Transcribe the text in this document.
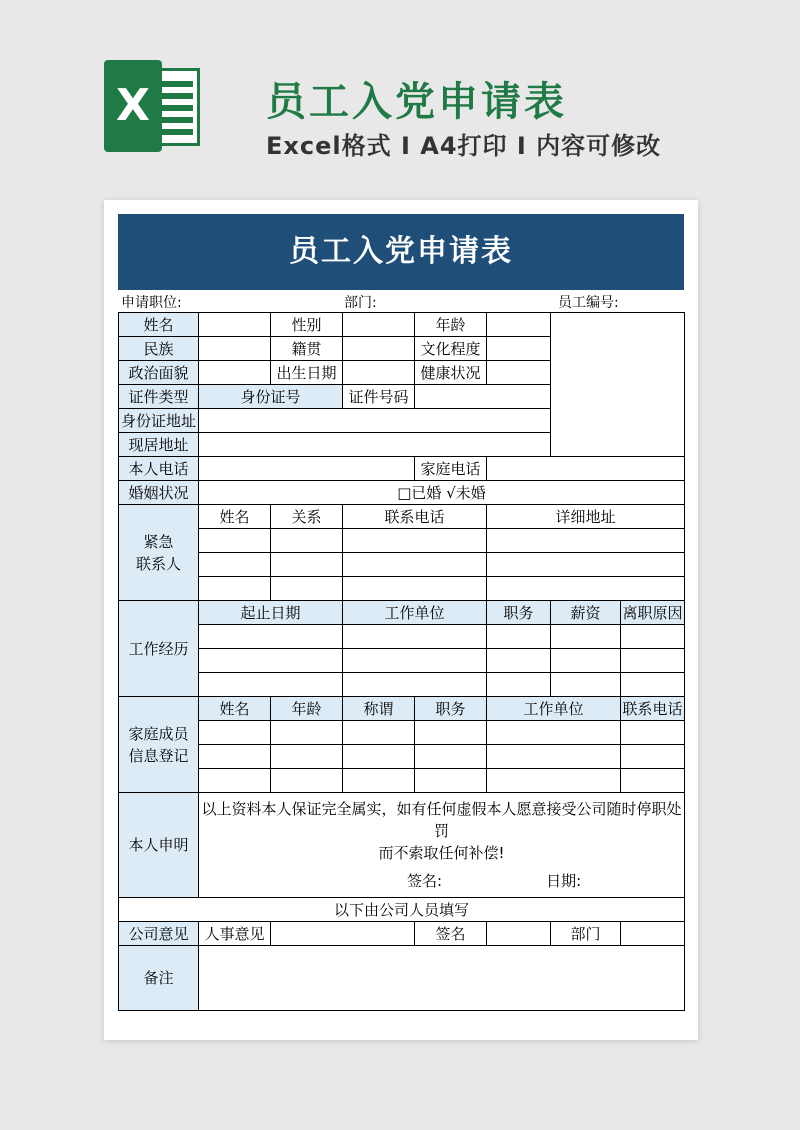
X	员工入党申请表
Excel格式 I A4打印 I 内容可修改
员工入党申请表
申请职位:	部门:	员工编号:
姓名		性别		年龄			
民族		籍贯		文化程度			
政治面貌		出生日期		健康状况			
证件类型	身份证号		证件号码				
身份证地址							
现居地址							
本人电话				家庭电话			
婚姻状况	□已婚 √未婚						
紧急
联系人	姓名	关系	联系电话		详细地址		

工作经历	起止日期		工作单位		职务	薪资	离职原因

家庭成员
信息登记	姓名	年龄	称谓	职务	工作单位		联系电话

本人申明	以上资料本人保证完全属实，如有任何虚假本人愿意接受公司随时停职处罚
而不索取任何补偿!
签名: 日期:						

以下由公司人员填写							
公司意见	人事意见			签名		部门	
备注							
